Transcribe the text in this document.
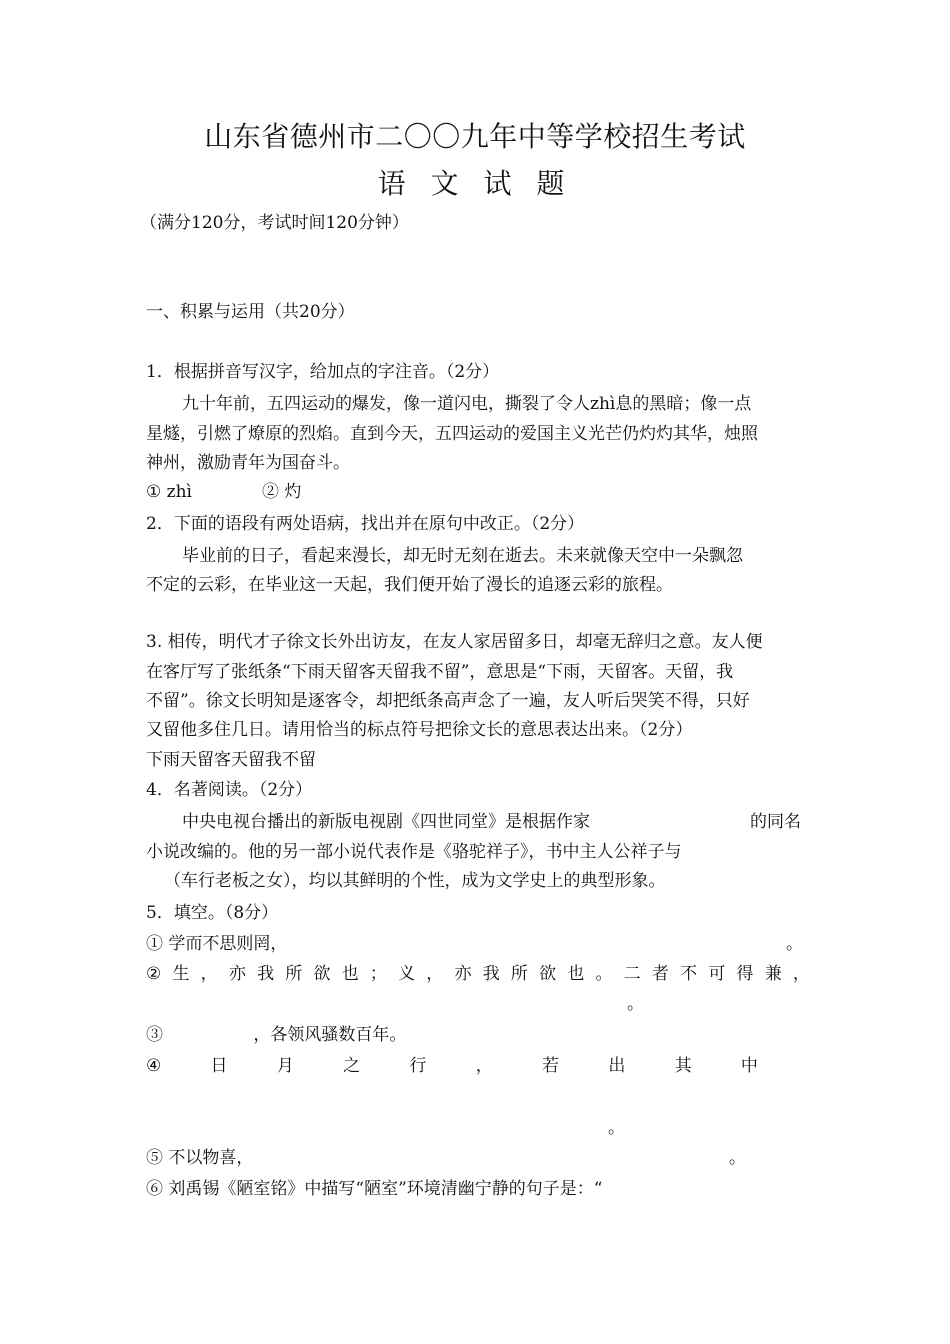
山东省德州市二〇〇九年中等学校招生考试
语 文 试 题
（满分120分，考试时间120分钟）
一、积累与运用（共20分）
1．根据拼音写汉字，给加点的字注音。（2分）
九十年前，五四运动的爆发，像一道闪电，撕裂了令人zhì息的黑暗；像一点
星燧，引燃了燎原的烈焰。直到今天，五四运动的爱国主义光芒仍灼灼其华，烛照
神州，激励青年为国奋斗。
① zhì	② 灼
2．下面的语段有两处语病，找出并在原句中改正。（2分）
毕业前的日子，看起来漫长，却无时无刻在逝去。未来就像天空中一朵飘忽
不定的云彩，在毕业这一天起，我们便开始了漫长的追逐云彩的旅程。
3. 相传，明代才子徐文长外出访友，在友人家居留多日，却毫无辞归之意。友人便
在客厅写了张纸条“下雨天留客天留我不留”，意思是“下雨，天留客。天留，我
不留”。徐文长明知是逐客令，却把纸条高声念了一遍，友人听后哭笑不得，只好
又留他多住几日。请用恰当的标点符号把徐文长的意思表达出来。（2分）
下雨天留客天留我不留
4．名著阅读。（2分）
中央电视台播出的新版电视剧《四世同堂》是根据作家	的同名
小说改编的。他的另一部小说代表作是《骆驼祥子》，书中主人公祥子与
（车行老板之女），均以其鲜明的个性，成为文学史上的典型形象。
5．填空。（8分）
① 学而不思则罔，	。
② 生 ， 亦 我 所 欲 也 ； 义 ， 亦 我 所 欲 也 。 二 者 不 可 得 兼 ，
。
③ 　　　　　，各领风骚数百年。
④	日	月	之	行	，	若	出	其	中
。
⑤ 不以物喜，	。
⑥ 刘禹锡《陋室铭》中描写“陋室”环境清幽宁静的句子是：“
